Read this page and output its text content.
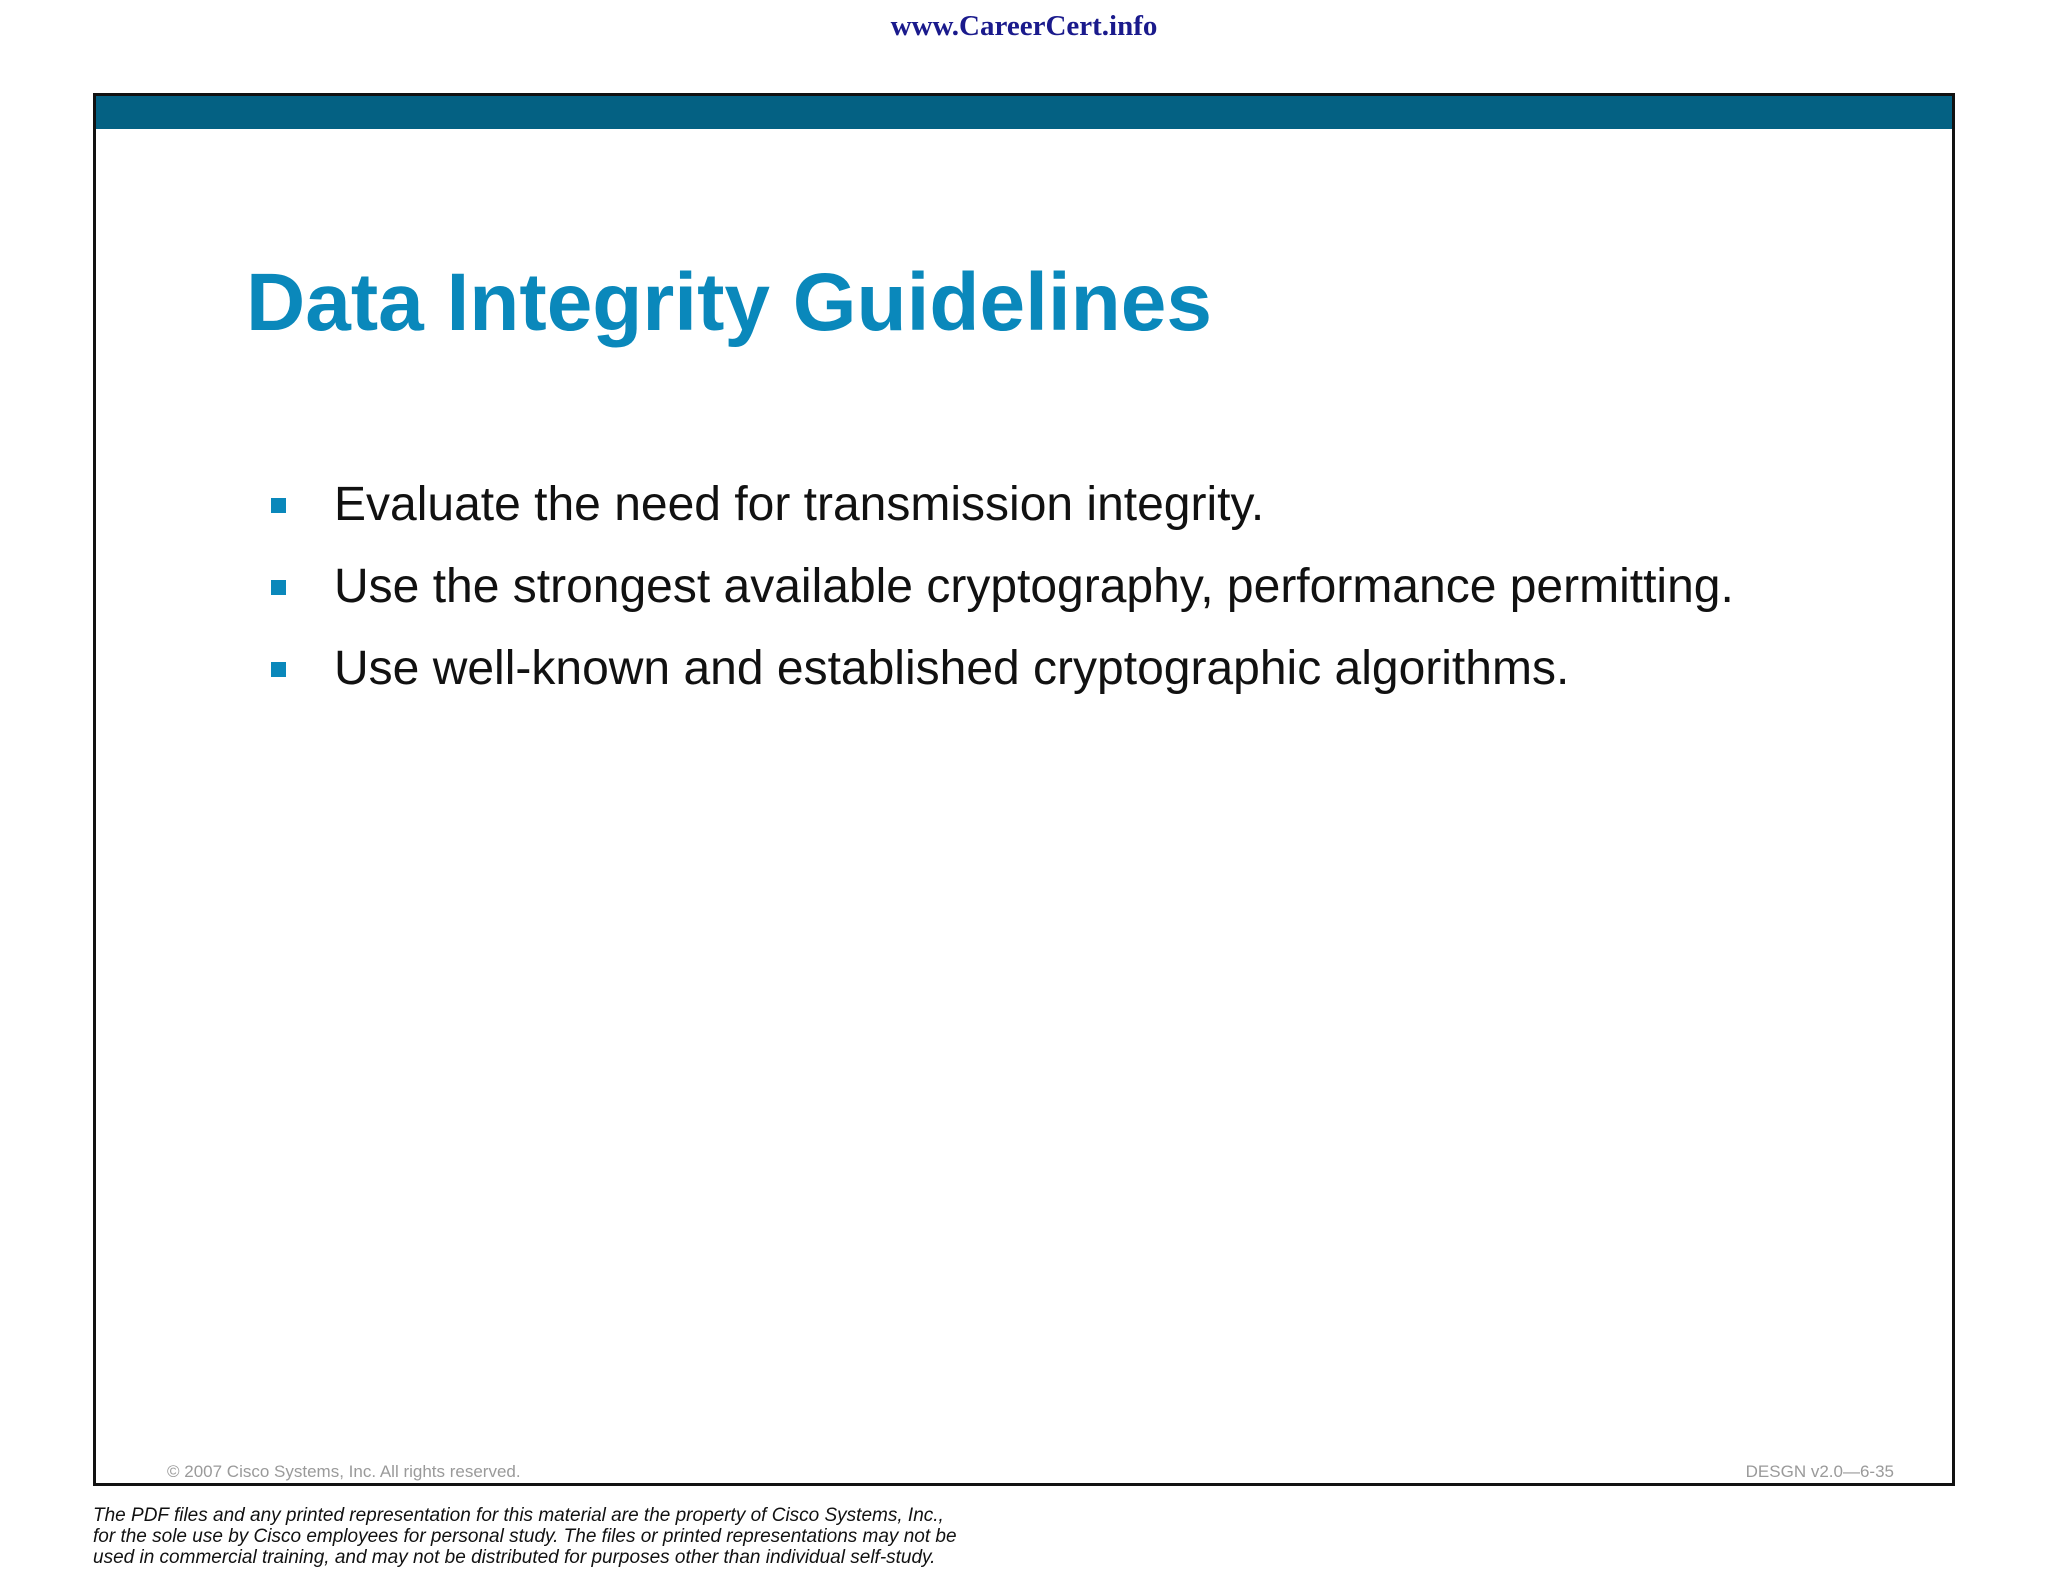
www.CareerCert.info
Data Integrity Guidelines
Evaluate the need for transmission integrity.
Use the strongest available cryptography, performance permitting.
Use well-known and established cryptographic algorithms.
© 2007 Cisco Systems, Inc. All rights reserved.	DESGN v2.0—6-35
The PDF files and any printed representation for this material are the property of Cisco Systems, Inc.,
for the sole use by Cisco employees for personal study. The files or printed representations may not be
used in commercial training, and may not be distributed for purposes other than individual self-study.
